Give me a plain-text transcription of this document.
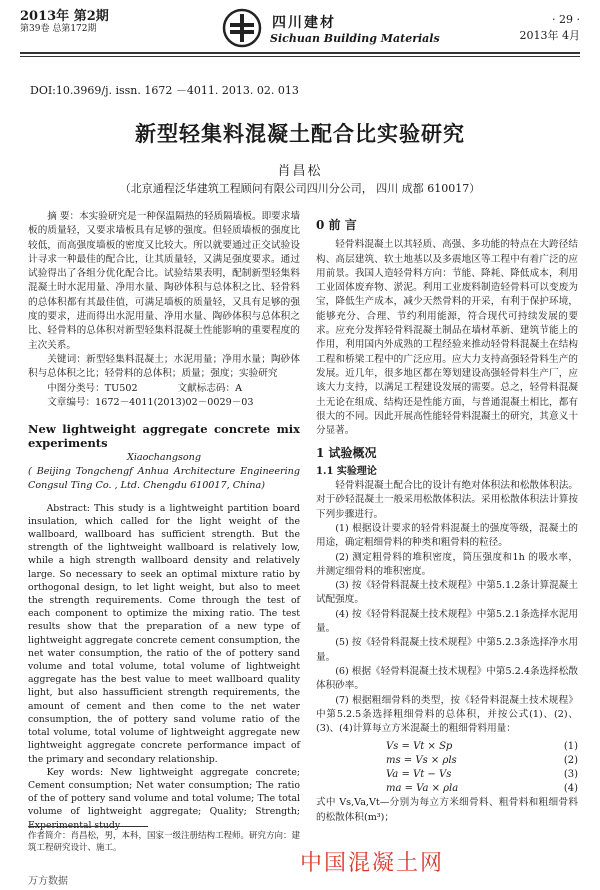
2013年 第2期
第39卷 总第172期	四川建材
Sichuan Building Materials
· 29 ·
2013年 4月
DOI:10.3969/j. issn. 1672 －4011. 2013. 02. 013
新型轻集料混凝土配合比实验研究
肖昌松
（北京通程泛华建筑工程顾问有限公司四川分公司， 四川 成都 610017）

摘 要：本实验研究是一种保温隔热的轻质隔墙板。即要求墙板的质量轻，又要求墙板具有足够的强度。但轻质墙板的强度比较低，而高强度墙板的密度又比较大。所以就要通过正交试验设计寻求一种最佳的配合比，让其质量轻，又满足强度要求。通过试验得出了各组分优化配合比。试验结果表明，配制新型轻集料混凝土时水泥用量、净用水量、陶砂体积与总体积之比、轻骨料的总体积都有其最佳值，可满足墙板的质量轻，又具有足够的强度的要求，进而得出水泥用量、净用水量、陶砂体积与总体积之比、轻骨料的总体积对新型轻集料混凝土性能影响的重要程度的主次关系。

关键词：新型轻集料混凝土；水泥用量；净用水量；陶砂体积与总体积之比；轻骨料的总体积；质量；强度；实验研究

中图分类号：TU502	文献标志码：A

文章编号：1672－4011(2013)02－0029－03

New lightweight aggregate concrete mix experiments

Xiaochangsong

( Beijing Tongchengf Anhua Architecture Engineering Congsul Ting Co. , Ltd. Chengdu 610017, China)

Abstract: This study is a lightweight partition board insulation, which called for the light weight of the wallboard, wallboard has sufficient strength. But the strength of the lightweight wallboard is relatively low, while a high strength wallboard density and relatively large. So necessary to seek an optimal mixture ratio by orthogonal design, to let light weight, but also to meet the strength requirements. Come through the test of each component to optimize the mixing ratio. The test results show that the preparation of a new type of lightweight aggregate concrete cement consumption, the net water consumption, the ratio of the of pottery sand volume and total volume, total volume of lightweight aggregate has the best value to meet wallboard quality light, but also hassufficient strength requirements, the amount of cement and then come to the net water consumption, the of pottery sand volume ratio of the total volume, total volume of lightweight aggregate new lightweight aggregate concrete performance impact of the primary and secondary relationship.

Key words: New lightweight aggregate concrete; Cement consumption; Net water consumption; The ratio of the of pottery sand volume and total volume; The total volume of lightweight aggregate; Quality; Strength; Experimental study

作者简介：肖昌松，男，本科，国家一级注册结构工程师。研究方向：建筑工程研究设计、施工。

0 前 言

轻骨料混凝土以其轻质、高强、多功能的特点在大跨径结构、高层建筑、软土地基以及多震地区等工程中有着广泛的应用前景。我国人造轻骨料方向：节能、降耗、降低成本，利用工业固体废弃物、淤泥。利用工业废料制造轻骨料可以变废为宝，降低生产成本，减少天然骨料的开采，有利于保护环境，能够充分、合理、节约利用能源，符合现代可持续发展的要求。应充分发挥轻骨料混凝土制品在墙材革新、建筑节能上的作用，利用国内外成熟的工程经验来推动轻骨料混凝土在结构工程和桥梁工程中的广泛应用。应大力支持高强轻骨料生产的发展。近几年，很多地区都在筹划建设高强轻骨料生产厂，应该大力支持，以满足工程建设发展的需要。总之，轻骨料混凝土无论在组成、结构还是性能方面，与普通混凝土相比，都有很大的不同。因此开展高性能轻骨料混凝土的研究，其意义十分显著。

1 试验概况

1.1 实验理论

轻骨料混凝土配合比的设计有绝对体积法和松散体积法。对于砂轻混凝土一般采用松散体积法。采用松散体积法计算按下列步骤进行。

(1) 根据设计要求的轻骨料混凝土的强度等级，混凝土的用途，确定粗细骨料的种类和粗骨料的粒径。

(2) 测定粗骨料的堆积密度，筒压强度和1h 的吸水率，并测定细骨料的堆积密度。

(3) 按《轻骨料混凝土技术规程》中第5.1.2条计算混凝土试配强度。

(4) 按《轻骨料混凝土技术规程》中第5.2.1条选择水泥用量。

(5) 按《轻骨料混凝土技术规程》中第5.2.3条选择净水用量。

(6) 根据《轻骨料混凝土技术规程》中第5.2.4条选择松散体积砂率。

(7) 根据粗细骨料的类型，按《轻骨料混凝土技术规程》中第5.2.5条选择粗细骨料的总体积，并按公式(1)、(2)、(3)、(4)计算每立方米混凝土的粗细骨料用量：

Vs = Vt × Sp	(1)
ms = Vs × ρls	(2)
Va = Vt − Vs	(3)
ma = Va × ρla	(4)

式中 Vs,Va,Vt—分别为每立方米细骨料、粗骨料和粗细骨料的松散体积(m³)；

中国混凝土网
万方数据
